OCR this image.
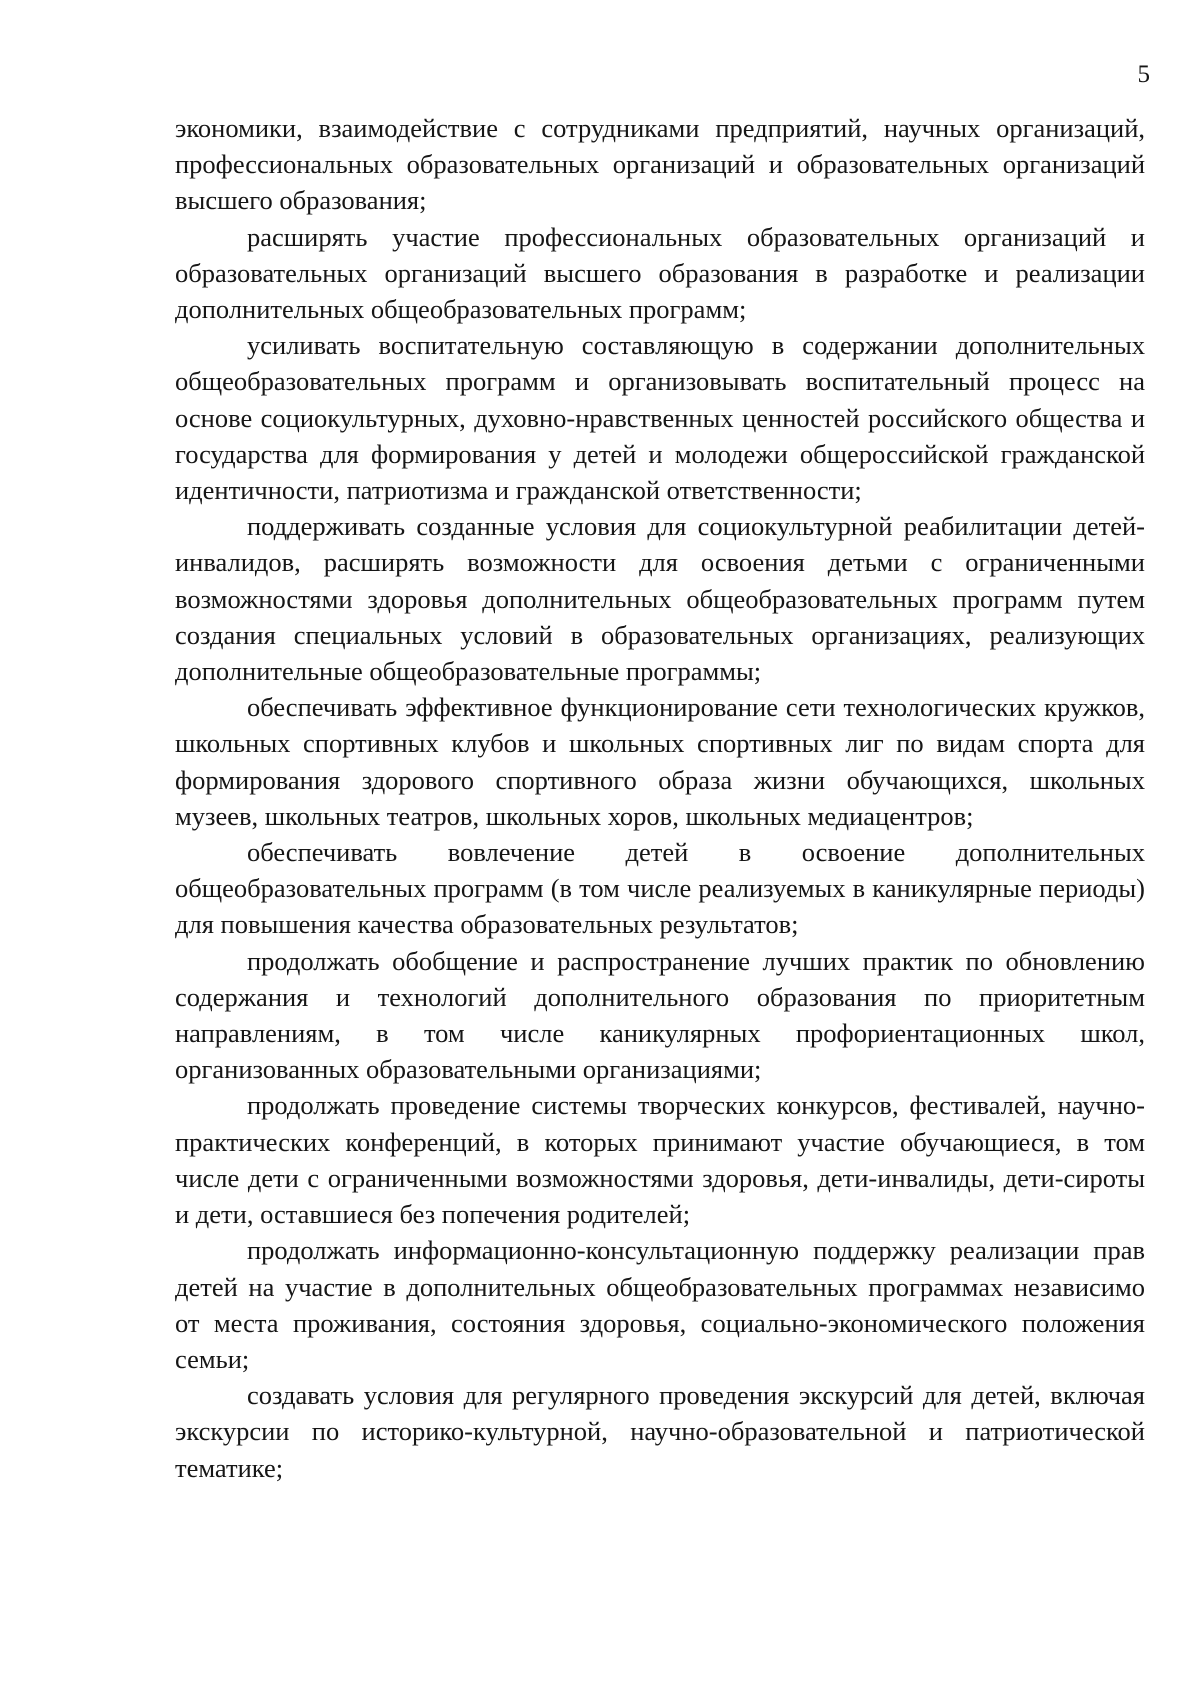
5

экономики, взаимодействие с сотрудниками предприятий, научных организаций, профессиональных образовательных организаций и образовательных организаций высшего образования;

расширять участие профессиональных образовательных организаций и образовательных организаций высшего образования в разработке и реализации дополнительных общеобразовательных программ;

усиливать воспитательную составляющую в содержании дополнительных общеобразовательных программ и организовывать воспитательный процесс на основе социокультурных, духовно-нравственных ценностей российского общества и государства для формирования у детей и молодежи общероссийской гражданской идентичности, патриотизма и гражданской ответственности;

поддерживать созданные условия для социокультурной реабилитации детей-инвалидов, расширять возможности для освоения детьми с ограниченными возможностями здоровья дополнительных общеобразовательных программ путем создания специальных условий в образовательных организациях, реализующих дополнительные общеобразовательные программы;

обеспечивать эффективное функционирование сети технологических кружков, школьных спортивных клубов и школьных спортивных лиг по видам спорта для формирования здорового спортивного образа жизни обучающихся, школьных музеев, школьных театров, школьных хоров, школьных медиацентров;

обеспечивать вовлечение детей в освоение дополнительных общеобразовательных программ (в том числе реализуемых в каникулярные периоды) для повышения качества образовательных результатов;

продолжать обобщение и распространение лучших практик по обновлению содержания и технологий дополнительного образования по приоритетным направлениям, в том числе каникулярных профориентационных школ, организованных образовательными организациями;

продолжать проведение системы творческих конкурсов, фестивалей, научно-практических конференций, в которых принимают участие обучающиеся, в том числе дети с ограниченными возможностями здоровья, дети-инвалиды, дети-сироты и дети, оставшиеся без попечения родителей;

продолжать информационно-консультационную поддержку реализации прав детей на участие в дополнительных общеобразовательных программах независимо от места проживания, состояния здоровья, социально-экономического положения семьи;

создавать условия для регулярного проведения экскурсий для детей, включая экскурсии по историко-культурной, научно-образовательной и патриотической тематике;
